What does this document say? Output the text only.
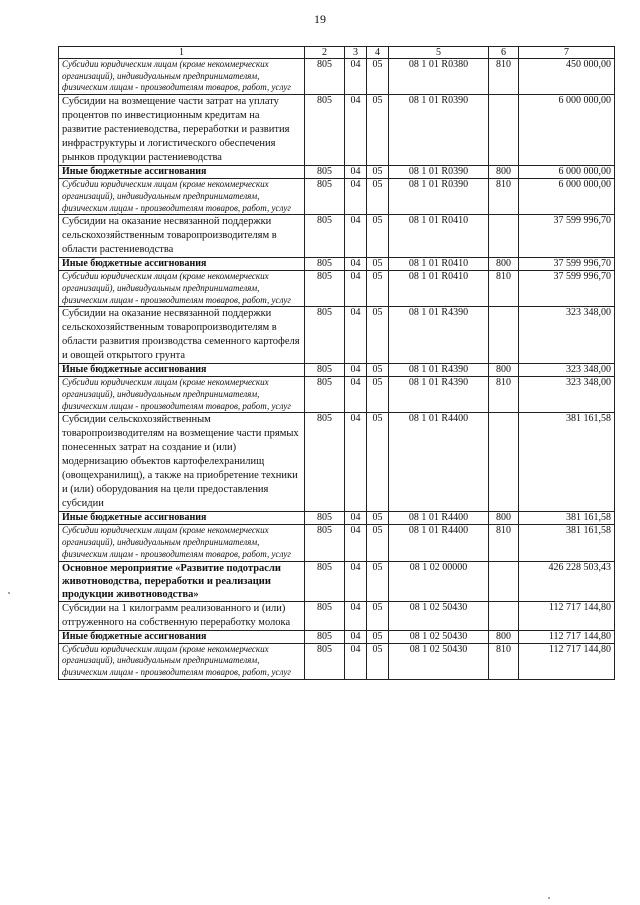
19
1	2	3	4	5	6	7
Субсидии юридическим лицам (кроме некоммерческих организаций), индивидуальным предпринимателям, физическим лицам - производителям товаров, работ, услуг	805	04	05	08 1 01 R0380	810	450 000,00
Субсидии на возмещение части затрат на уплату процентов по инвестиционным кредитам на развитие растениеводства, переработки и развития инфраструктуры и логистического обеспечения рынков продукции растениеводства	805	04	05	08 1 01 R0390		6 000 000,00
Иные бюджетные ассигнования	805	04	05	08 1 01 R0390	800	6 000 000,00
Субсидии юридическим лицам (кроме некоммерческих организаций), индивидуальным предпринимателям, физическим лицам - производителям товаров, работ, услуг	805	04	05	08 1 01 R0390	810	6 000 000,00
Субсидии на оказание несвязанной поддержки сельскохозяйственным товаропроизводителям в области растениеводства	805	04	05	08 1 01 R0410		37 599 996,70
Иные бюджетные ассигнования	805	04	05	08 1 01 R0410	800	37 599 996,70
Субсидии юридическим лицам (кроме некоммерческих организаций), индивидуальным предпринимателям, физическим лицам - производителям товаров, работ, услуг	805	04	05	08 1 01 R0410	810	37 599 996,70
Субсидии на оказание несвязанной поддержки сельскохозяйственным товаропроизводителям в области развития производства семенного картофеля и овощей открытого грунта	805	04	05	08 1 01 R4390		323 348,00
Иные бюджетные ассигнования	805	04	05	08 1 01 R4390	800	323 348,00
Субсидии юридическим лицам (кроме некоммерческих организаций), индивидуальным предпринимателям, физическим лицам - производителям товаров, работ, услуг	805	04	05	08 1 01 R4390	810	323 348,00
Субсидии сельскохозяйственным товаропроизводителям на возмещение части прямых понесенных затрат на создание и (или) модернизацию объектов картофелехранилищ (овощехранилищ), а также на приобретение техники и (или) оборудования на цели предоставления субсидии	805	04	05	08 1 01 R4400		381 161,58
Иные бюджетные ассигнования	805	04	05	08 1 01 R4400	800	381 161,58
Субсидии юридическим лицам (кроме некоммерческих организаций), индивидуальным предпринимателям, физическим лицам - производителям товаров, работ, услуг	805	04	05	08 1 01 R4400	810	381 161,58
Основное мероприятие «Развитие подотрасли животноводства, переработки и реализации продукции животноводства»	805	04	05	08 1 02 00000		426 228 503,43
Субсидии на 1 килограмм реализованного и (или) отгруженного на собственную переработку молока	805	04	05	08 1 02 50430		112 717 144,80
Иные бюджетные ассигнования	805	04	05	08 1 02 50430	800	112 717 144,80
Субсидии юридическим лицам (кроме некоммерческих организаций), индивидуальным предпринимателям, физическим лицам - производителям товаров, работ, услуг	805	04	05	08 1 02 50430	810	112 717 144,80
